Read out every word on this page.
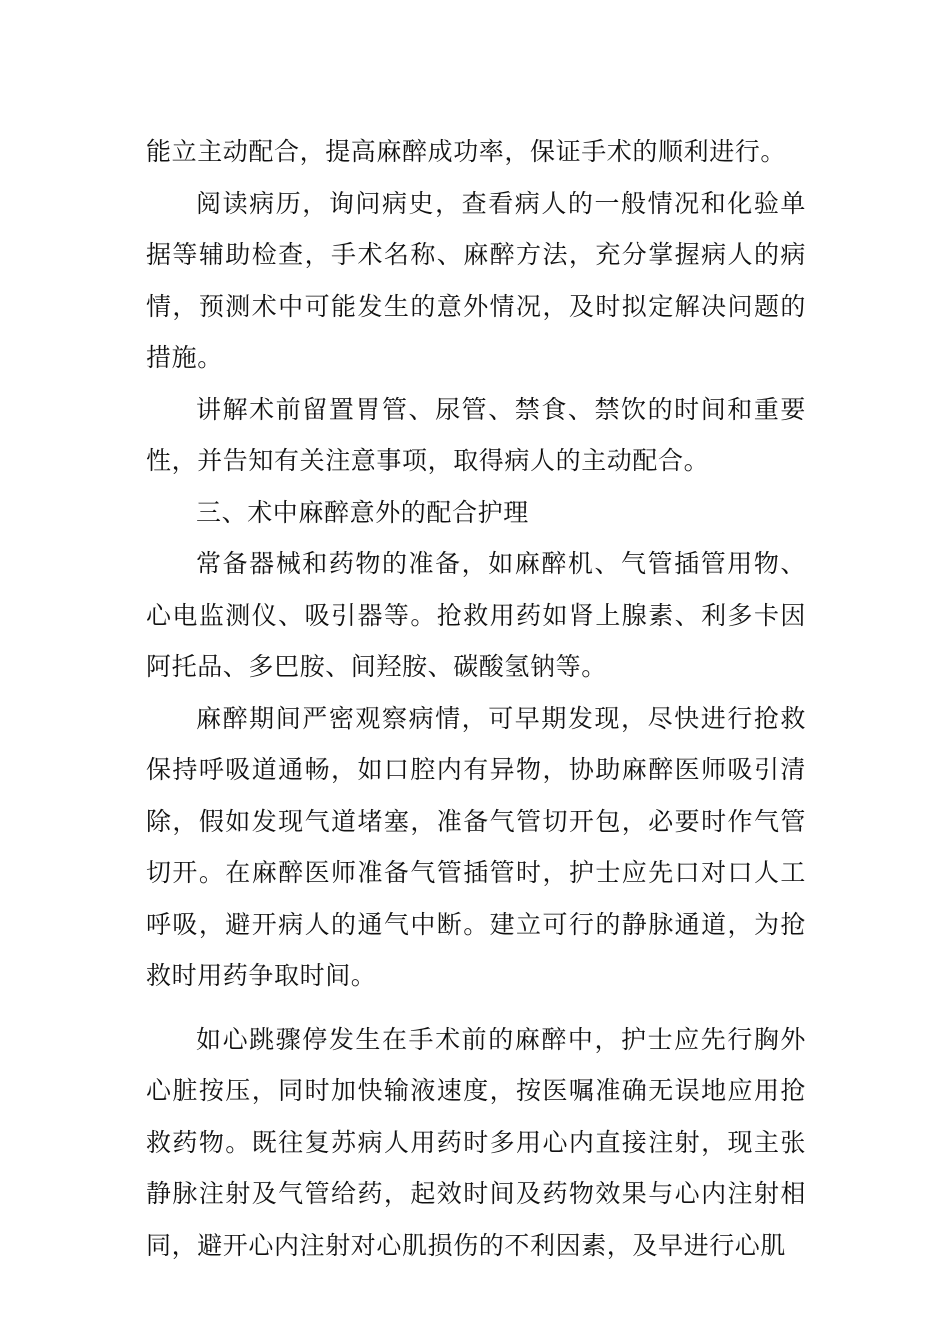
能立主动配合，提高麻醉成功率，保证手术的顺利进行。

阅读病历，询问病史，查看病人的一般情况和化验单据等辅助检查，手术名称、麻醉方法，充分掌握病人的病情，预测术中可能发生的意外情况，及时拟定解决问题的措施。

讲解术前留置胃管、尿管、禁食、禁饮的时间和重要性，并告知有关注意事项，取得病人的主动配合。

三、术中麻醉意外的配合护理

常备器械和药物的准备，如麻醉机、气管插管用物、心电监测仪、吸引器等。抢救用药如肾上腺素、利多卡因阿托品、多巴胺、间羟胺、碳酸氢钠等。

麻醉期间严密观察病情，可早期发现，尽快进行抢救保持呼吸道通畅，如口腔内有异物，协助麻醉医师吸引清除，假如发现气道堵塞，准备气管切开包，必要时作气管切开。在麻醉医师准备气管插管时，护士应先口对口人工呼吸，避开病人的通气中断。建立可行的静脉通道，为抢救时用药争取时间。

如心跳骤停发生在手术前的麻醉中，护士应先行胸外心脏按压，同时加快输液速度，按医嘱准确无误地应用抢救药物。既往复苏病人用药时多用心内直接注射，现主张静脉注射及气管给药，起效时间及药物效果与心内注射相同，避开心内注射对心肌损伤的不利因素，及早进行心肌
